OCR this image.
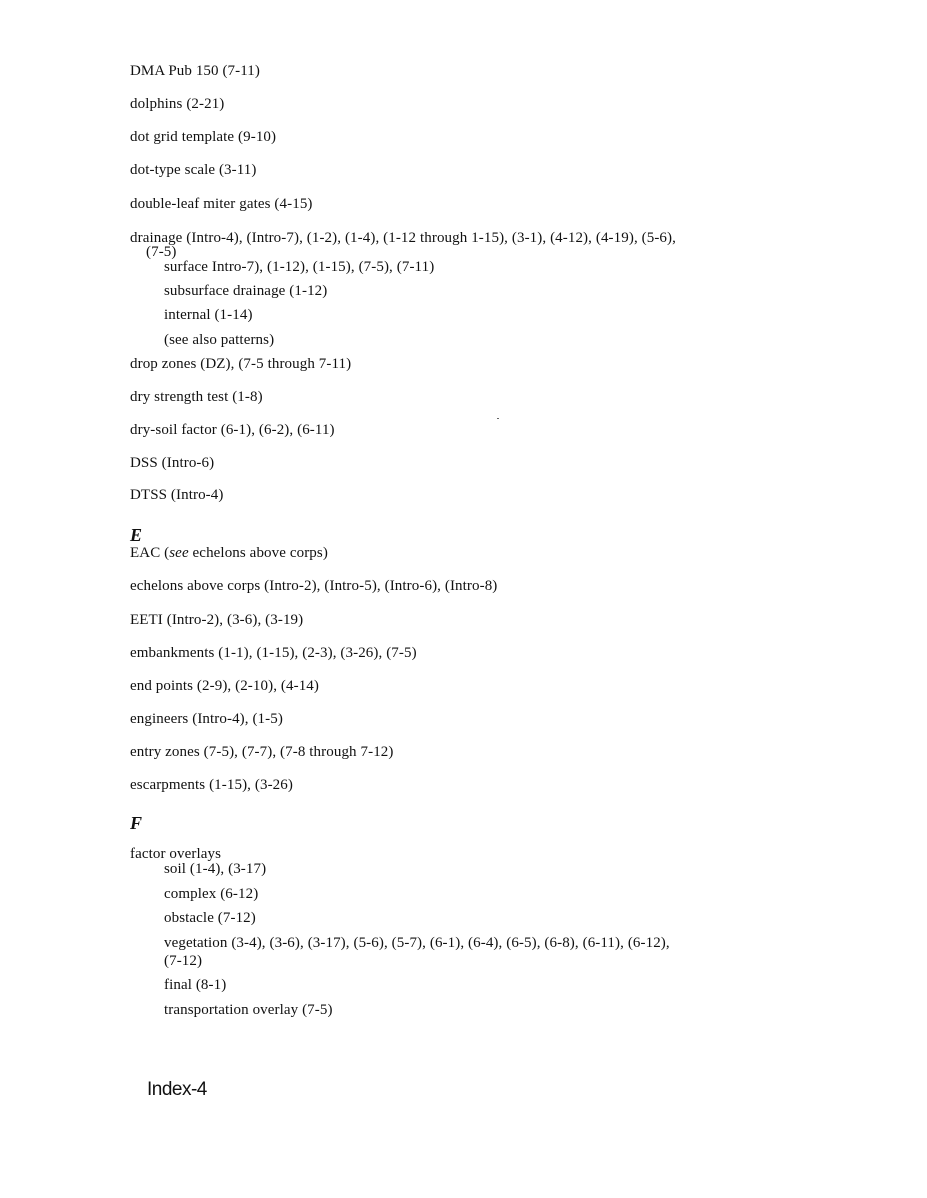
DMA Pub 150 (7-11)
dolphins (2-21)
dot grid template (9-10)
dot-type scale (3-11)
double-leaf miter gates (4-15)
drainage (Intro-4), (Intro-7), (1-2), (1-4), (1-12 through 1-15), (3-1), (4-12), (4-19), (5-6),
(7-5)
surface Intro-7), (1-12), (1-15), (7-5), (7-11)
subsurface drainage (1-12)
internal (1-14)
(see also patterns)
drop zones (DZ), (7-5 through 7-11)
dry strength test (1-8)
dry-soil factor (6-1), (6-2), (6-11)
DSS (Intro-6)
DTSS (Intro-4)
E
EAC (see echelons above corps)
echelons above corps (Intro-2), (Intro-5), (Intro-6), (Intro-8)
EETI (Intro-2), (3-6), (3-19)
embankments (1-1), (1-15), (2-3), (3-26), (7-5)
end points (2-9), (2-10), (4-14)
engineers (Intro-4), (1-5)
entry zones (7-5), (7-7), (7-8 through 7-12)
escarpments (1-15), (3-26)
F
factor overlays
soil (1-4), (3-17)
complex (6-12)
obstacle (7-12)
vegetation (3-4), (3-6), (3-17), (5-6), (5-7), (6-1), (6-4), (6-5), (6-8), (6-11), (6-12),
(7-12)
final (8-1)
transportation overlay (7-5)
Index-4
